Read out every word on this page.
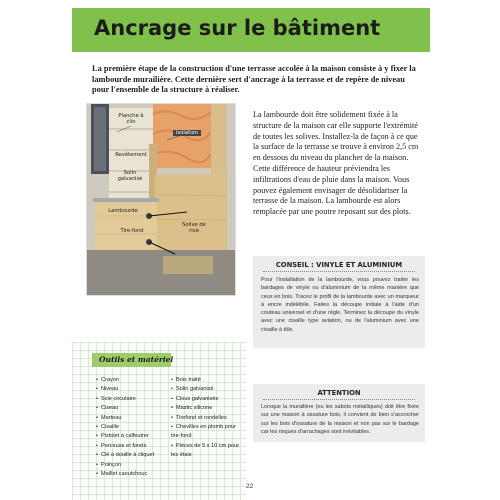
Ancrage sur le bâtiment

La première étape de la construction d'une terrasse accolée à la maison consiste à y fixer la lambourde murailière. Cette dernière sert d'ancrage à la terrasse et de repère de niveau pour l'ensemble de la structure à réaliser.

Planche à clin
Isolation
Revêtement
Solin galvanisé
Lambourde
Solive de rive
Tire-fond

La lambourde doit être solidement fixée à la structure de la maison car elle supporte l'extrémité de toutes les solives. Installez-la de façon à ce que la surface de la terrasse se trouve à environ 2,5 cm en dessous du niveau du plancher de la maison. Cette différence de hauteur préviendra les infiltrations d'eau de pluie dans la maison. Vous pouvez également envisager de désolidariser la terrasse de la maison. La lambourde est alors remplacée par une poutre reposant sur des plots.

CONSEIL : VINYLE ET ALUMINIUM

Pour l'installation de la lambourde, vous pouvez traiter les bardages de vinyle ou d'aluminium de la même manière que ceux en bois. Tracez le profil de la lambourde avec un marqueur à encre indélébile. Faites la découpe initiale à l'aide d'un couteau universel et d'une règle. Terminez la découpe du vinyle avec une cisaille type aviation, ou de l'aluminium avec une cisaille à tôle.

Outils et matériel
• Crayon
• Niveau
• Scie circulaire
• Ciseau
• Marteau
• Cisaille
• Pistolet à calfeutrer
• Perceuse et forets
• Clé à douille à cliquet
• Poinçon
• Maillet caoutchouc
• Bois traité
• Solin galvanisé
• Clous galvanisés
• Mastic silicone
• Tirefond et rondelles
• Chevilles en plomb pour tire-fond
• Pièces de 5 x 10 cm pour les étais
ATTENTION

Lorsque la murailière (ou les sabots métalliques) doit être fixée sur une maison à ossature bois, il convient de bien s'accrocher sur les bois d'ossature de la maison et non pas sur le bardage car les risques d'arrachages sont inévitables.

22
